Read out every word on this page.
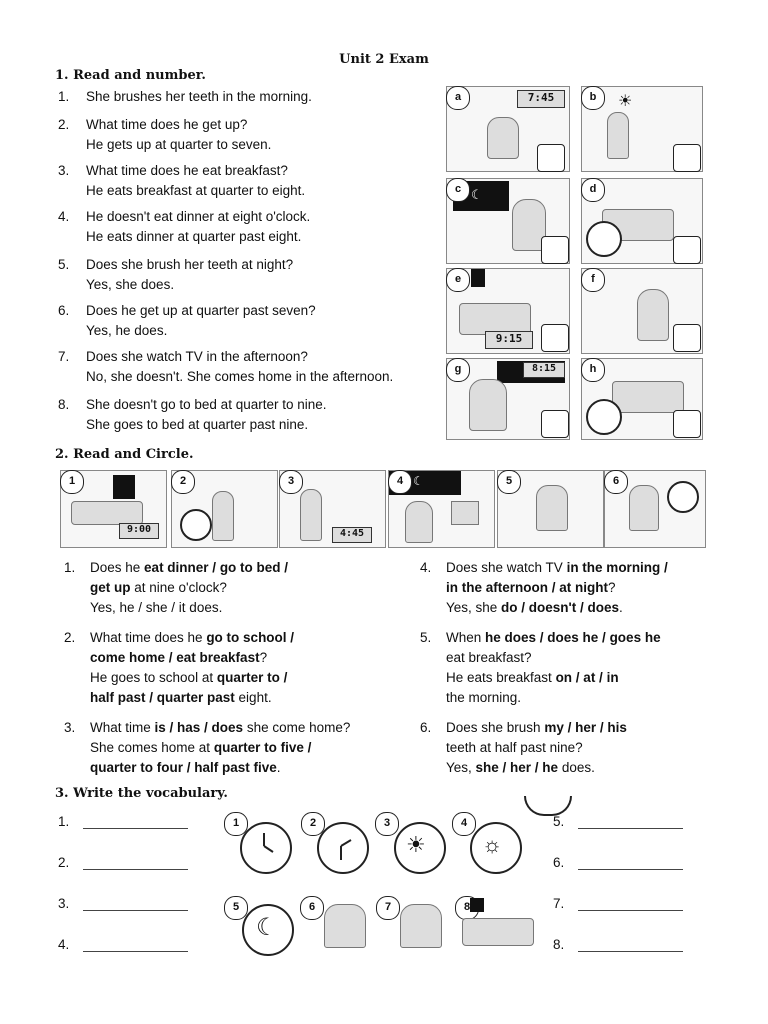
Unit 2 Exam
1. Read and number.
1. She brushes her teeth in the morning.
2. What time does he get up?
He gets up at quarter to seven.
3. What time does he eat breakfast?
He eats breakfast at quarter to eight.
4. He doesn't eat dinner at eight o'clock.
He eats dinner at quarter past eight.
5. Does she brush her teeth at night?
Yes, she does.
6. Does he get up at quarter past seven?
Yes, he does.
7. Does she watch TV in the afternoon?
No, she doesn't. She comes home in the afternoon.
8. She doesn't go to bed at quarter to nine.
She goes to bed at quarter past nine.
7:45
a	☀
b
☾
c	d
9:15
e	f
8:15
g	h
2. Read and Circle.
9:00
1	2
4:45
3	☾
4	5	6
1. Does he eat dinner / go to bed /
get up at nine o'clock?
Yes, he / she / it does.
2. What time does he go to school /
come home / eat breakfast?
He goes to school at quarter to /
half past / quarter past eight.
3. What time is / has / does she come home?
She comes home at quarter to five /
quarter to four / half past five.
4. Does she watch TV in the morning /
in the afternoon / at night?
Yes, she do / doesn't / does.
5. When he does / does he / goes he
eat breakfast?
He eats breakfast on / at / in
the morning.
6. Does she brush my / her / his
teeth at half past nine?
Yes, she / her / he does.
3. Write the vocabulary.
1.
2.
3.
4.
5.
6.
7.
8.
1	2	3
☀
4
☼
5
☾
6	7	8
